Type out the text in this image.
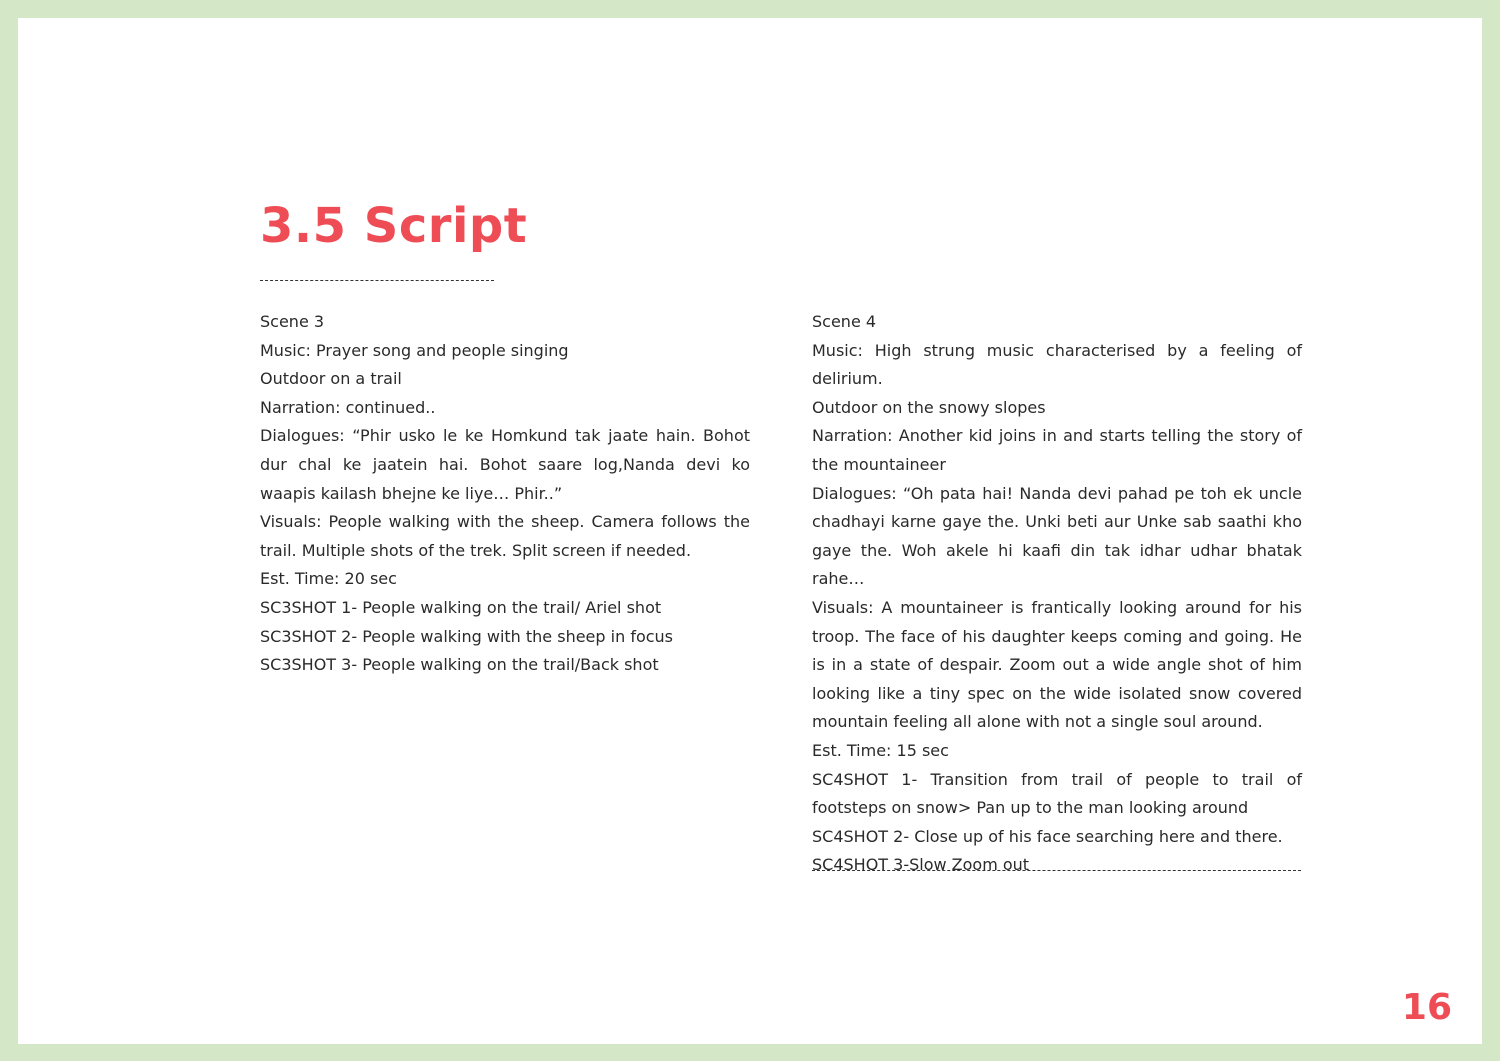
3.5 Script

Scene 3

Music: Prayer song and people singing

Outdoor on a trail

Narration: continued..

Dialogues: “Phir usko le ke Homkund tak jaate hain. Bohot dur chal ke jaatein hai. Bohot saare log,Nanda devi ko waapis kailash bhejne ke liye… Phir..”

Visuals: People walking with the sheep. Camera follows the trail. Multiple shots of the trek. Split screen if needed.

Est. Time: 20 sec

SC3SHOT 1- People walking on the trail/ Ariel shot

SC3SHOT 2- People walking with the sheep in focus

SC3SHOT 3- People walking on the trail/Back shot

Scene 4

Music: High strung music characterised by a feeling of delirium.

Outdoor on the snowy slopes

Narration: Another kid joins in and starts telling the story of the mountaineer

Dialogues: “Oh pata hai! Nanda devi pahad pe toh ek uncle chadhayi karne gaye the. Unki beti aur Unke sab saathi kho gaye the. Woh akele hi kaafi din tak idhar udhar bhatak rahe…

Visuals: A mountaineer is frantically looking around for his troop. The face of his daughter keeps coming and going. He is in a state of despair. Zoom out a wide angle shot of him looking like a tiny spec on the wide isolated snow covered mountain feeling all alone with not a single soul around.

Est. Time: 15 sec

SC4SHOT 1- Transition from trail of people to trail of footsteps on snow> Pan up to the man looking around

SC4SHOT 2- Close up of his face searching here and there.

SC4SHOT 3-Slow Zoom out

16
